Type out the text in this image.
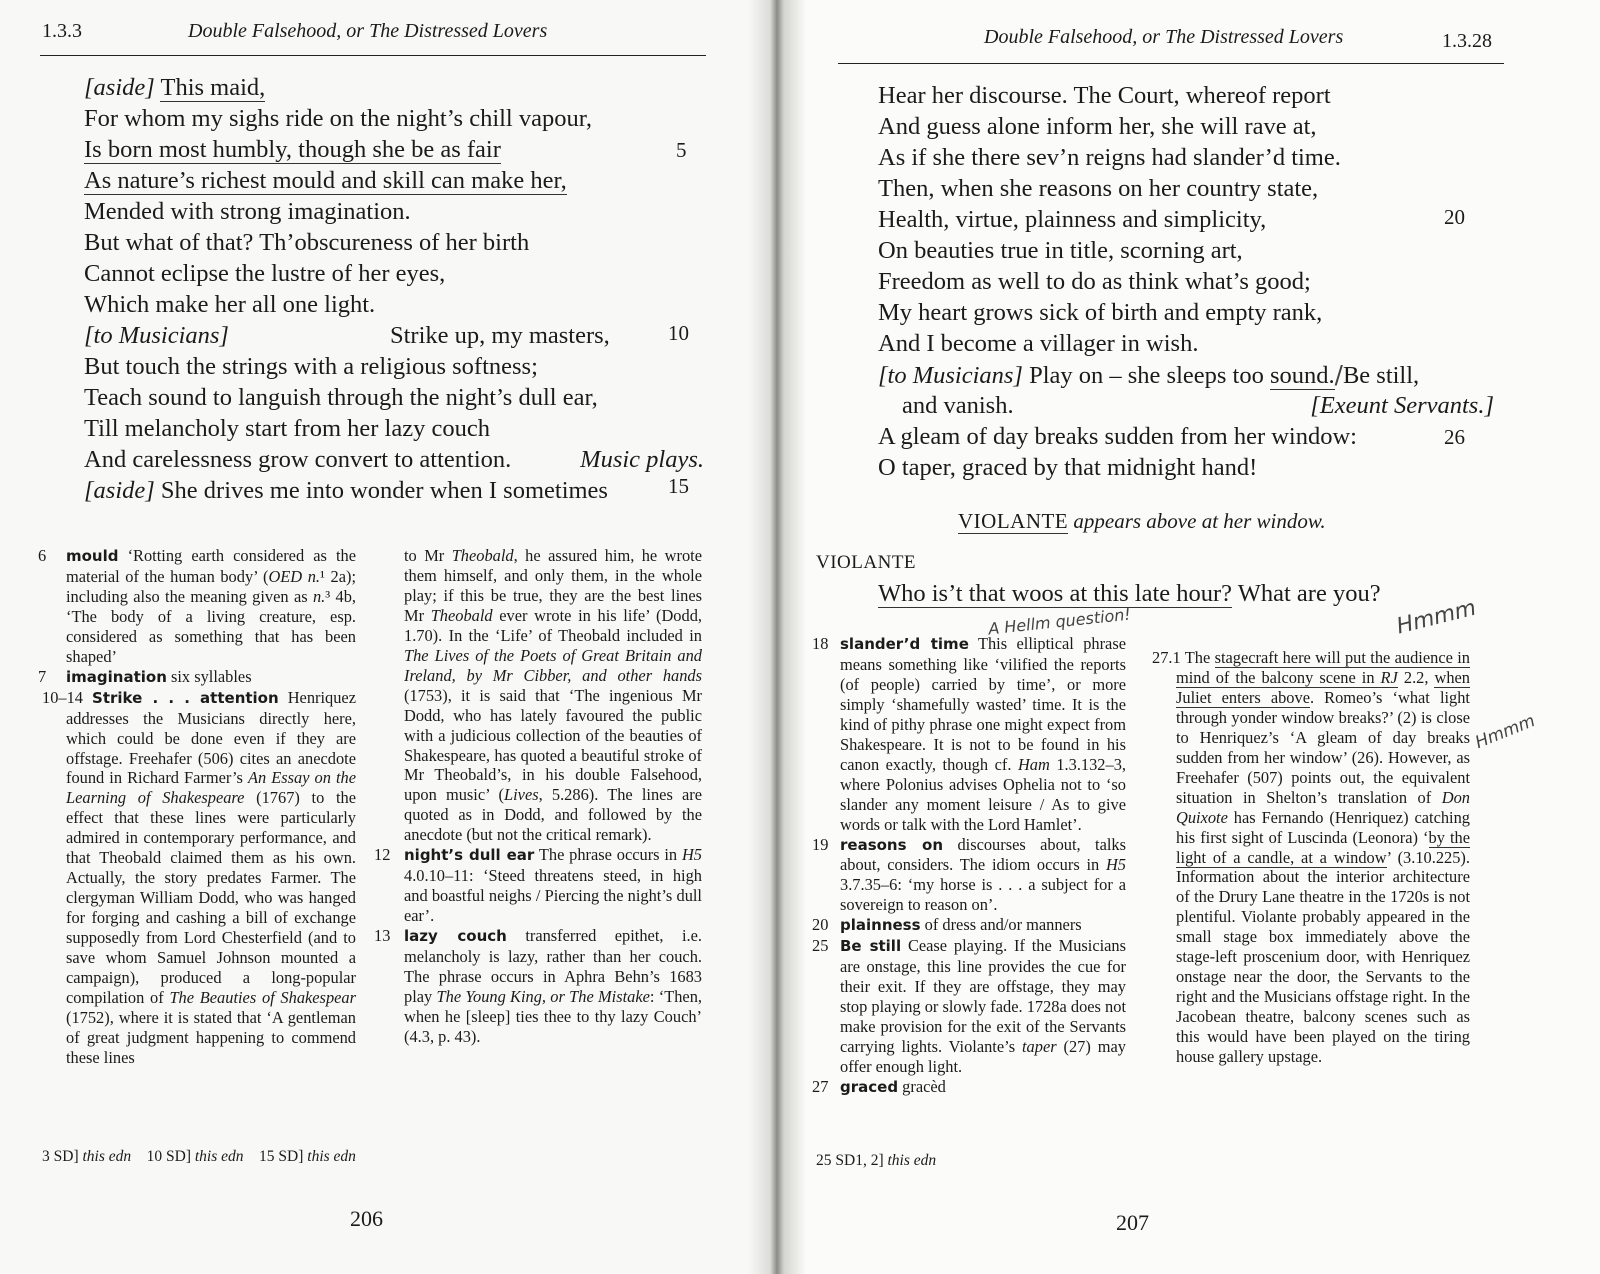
1.3.3	Double Falsehood, or The Distressed Lovers
[aside] This maid,
For whom my sighs ride on the night’s chill vapour,
Is born most humbly, though she be as fair
As nature’s richest mould and skill can make her,
Mended with strong imagination.
But what of that? Th’obscureness of her birth
Cannot eclipse the lustre of her eyes,
Which make her all one light.
[to Musicians]	Strike up, my masters,
But touch the strings with a religious softness;
Teach sound to languish through the night’s dull ear,
Till melancholy start from her lazy couch
And carelessness grow convert to attention.	Music plays.
[aside] She drives me into wonder when I sometimes
5
10
15
6 mould ‘Rotting earth considered as the material of the human body’ (OED n.¹ 2a); including also the meaning given as n.³ 4b, ‘The body of a living creature, esp. considered as something that has been shaped’
7 imagination six syllables
10–14 Strike . . . attention Henriquez addresses the Musicians directly here, which could be done even if they are offstage. Freehafer (506) cites an anecdote found in Richard Farmer’s An Essay on the Learning of Shakespeare (1767) to the effect that these lines were particularly admired in contemporary performance, and that Theobald claimed them as his own. Actually, the story predates Farmer. The clergyman William Dodd, who was hanged for forging and cashing a bill of exchange supposedly from Lord Chesterfield (and to save whom Samuel Johnson mounted a campaign), produced a long-popular compilation of The Beauties of Shakespear (1752), where it is stated that ‘A gentleman of great judgment happening to commend these lines
to Mr Theobald, he assured him, he wrote them himself, and only them, in the whole play; if this be true, they are the best lines Mr Theobald ever wrote in his life’ (Dodd, 1.70). In the ‘Life’ of Theobald included in The Lives of the Poets of Great Britain and Ireland, by Mr Cibber, and other hands (1753), it is said that ‘The ingenious Mr Dodd, who has lately favoured the public with a judicious collection of the beauties of Shakespeare, has quoted a beautiful stroke of Mr Theobald’s, in his double Falsehood, upon music’ (Lives, 5.286). The lines are quoted as in Dodd, and followed by the anecdote (but not the critical remark).
12 night’s dull ear The phrase occurs in H5 4.0.10–11: ‘Steed threatens steed, in high and boastful neighs / Piercing the night’s dull ear’.
13 lazy couch transferred epithet, i.e. melancholy is lazy, rather than her couch. The phrase occurs in Aphra Behn’s 1683 play The Young King, or The Mistake: ‘Then, when he [sleep] ties thee to thy lazy Couch’ (4.3, p. 43).
3 SD] this edn 10 SD] this edn 15 SD] this edn
206
Double Falsehood, or The Distressed Lovers	1.3.28
Hear her discourse. The Court, whereof report
And guess alone inform her, she will rave at,
As if she there sev’n reigns had slander’d time.
Then, when she reasons on her country state,
Health, virtue, plainness and simplicity,
On beauties true in title, scorning art,
Freedom as well to do as think what’s good;
My heart grows sick of birth and empty rank,
And I become a villager in wish.
[to Musicians] Play on – she sleeps too sound./Be still,
and vanish.	[Exeunt Servants.]
A gleam of day breaks sudden from her window:
O taper, graced by that midnight hand!
20
26
VIOLANTE appears above at her window.
VIOLANTE
Who is’t that woos at this late hour? What are you?
A Hellm question!	Hmmm
Hmmm
18 slander’d time This elliptical phrase means something like ‘vilified the reports (of people) carried by time’, or more simply ‘shamefully wasted’ time. It is the kind of pithy phrase one might expect from Shakespeare. It is not to be found in his canon exactly, though cf. Ham 1.3.132–3, where Polonius advises Ophelia not to ‘so slander any moment leisure / As to give words or talk with the Lord Hamlet’.
19 reasons on discourses about, talks about, considers. The idiom occurs in H5 3.7.35–6: ‘my horse is . . . a subject for a sovereign to reason on’.
20 plainness of dress and/or manners
25 Be still Cease playing. If the Musicians are onstage, this line provides the cue for their exit. If they are offstage, they may stop playing or slowly fade. 1728a does not make provision for the exit of the Servants carrying lights. Violante’s taper (27) may offer enough light.
27 graced gracèd
27.1 The stagecraft here will put the audience in mind of the balcony scene in RJ 2.2, when Juliet enters above. Romeo’s ‘what light through yonder window breaks?’ (2) is close to Henriquez’s ‘A gleam of day breaks sudden from her window’ (26). However, as Freehafer (507) points out, the equivalent situation in Shelton’s translation of Don Quixote has Fernando (Henriquez) catching his first sight of Luscinda (Leonora) ‘by the light of a candle, at a window’ (3.10.225). Information about the interior architecture of the Drury Lane theatre in the 1720s is not plentiful. Violante probably appeared in the small stage box immediately above the stage-left proscenium door, with Henriquez onstage near the door, the Servants to the right and the Musicians offstage right. In the Jacobean theatre, balcony scenes such as this would have been played on the tiring house gallery upstage.
25 SD1, 2] this edn
207
